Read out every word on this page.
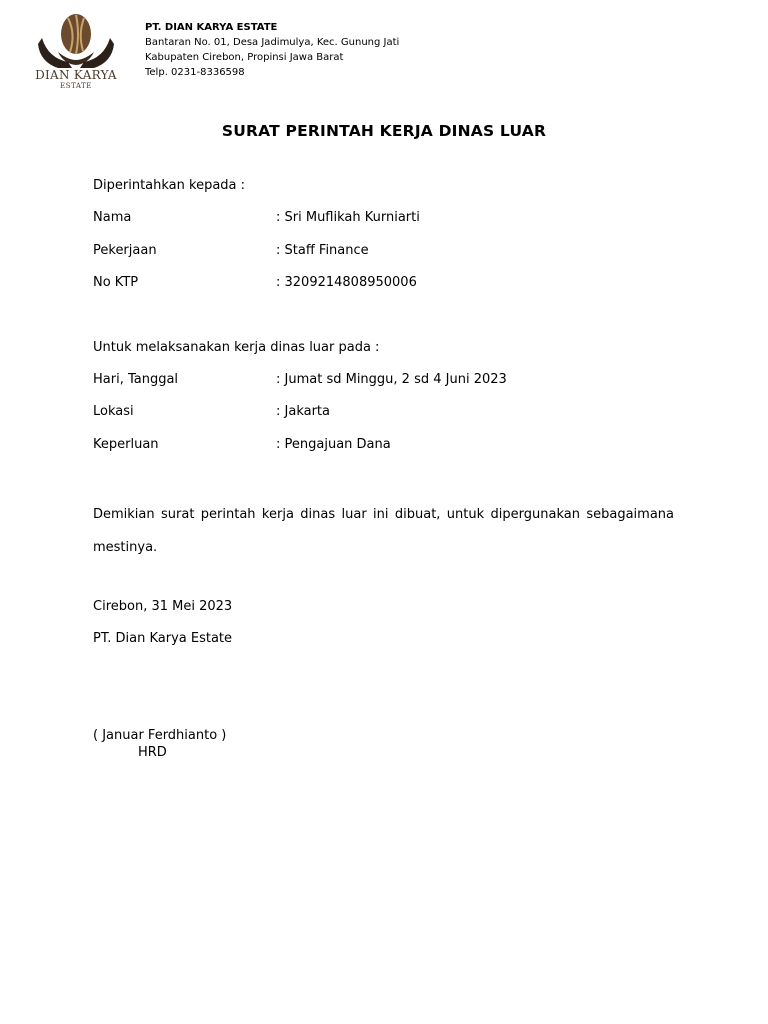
DIAN KARYA
ESTATE
PT. DIAN KARYA ESTATE
Bantaran No. 01, Desa Jadimulya, Kec. Gunung Jati
Kabupaten Cirebon, Propinsi Jawa Barat
Telp. 0231-8336598
SURAT PERINTAH KERJA DINAS LUAR
Diperintahkan kepada :
Nama	: Sri Muflikah Kurniarti
Pekerjaan	: Staff Finance
No KTP	: 3209214808950006
Untuk melaksanakan kerja dinas luar pada :
Hari, Tanggal	: Jumat sd Minggu, 2 sd 4 Juni 2023
Lokasi	: Jakarta
Keperluan	: Pengajuan Dana
Demikian surat perintah kerja dinas luar ini dibuat, untuk dipergunakan sebagaimana mestinya.
Cirebon, 31 Mei 2023
PT. Dian Karya Estate
( Januar Ferdhianto )
HRD
